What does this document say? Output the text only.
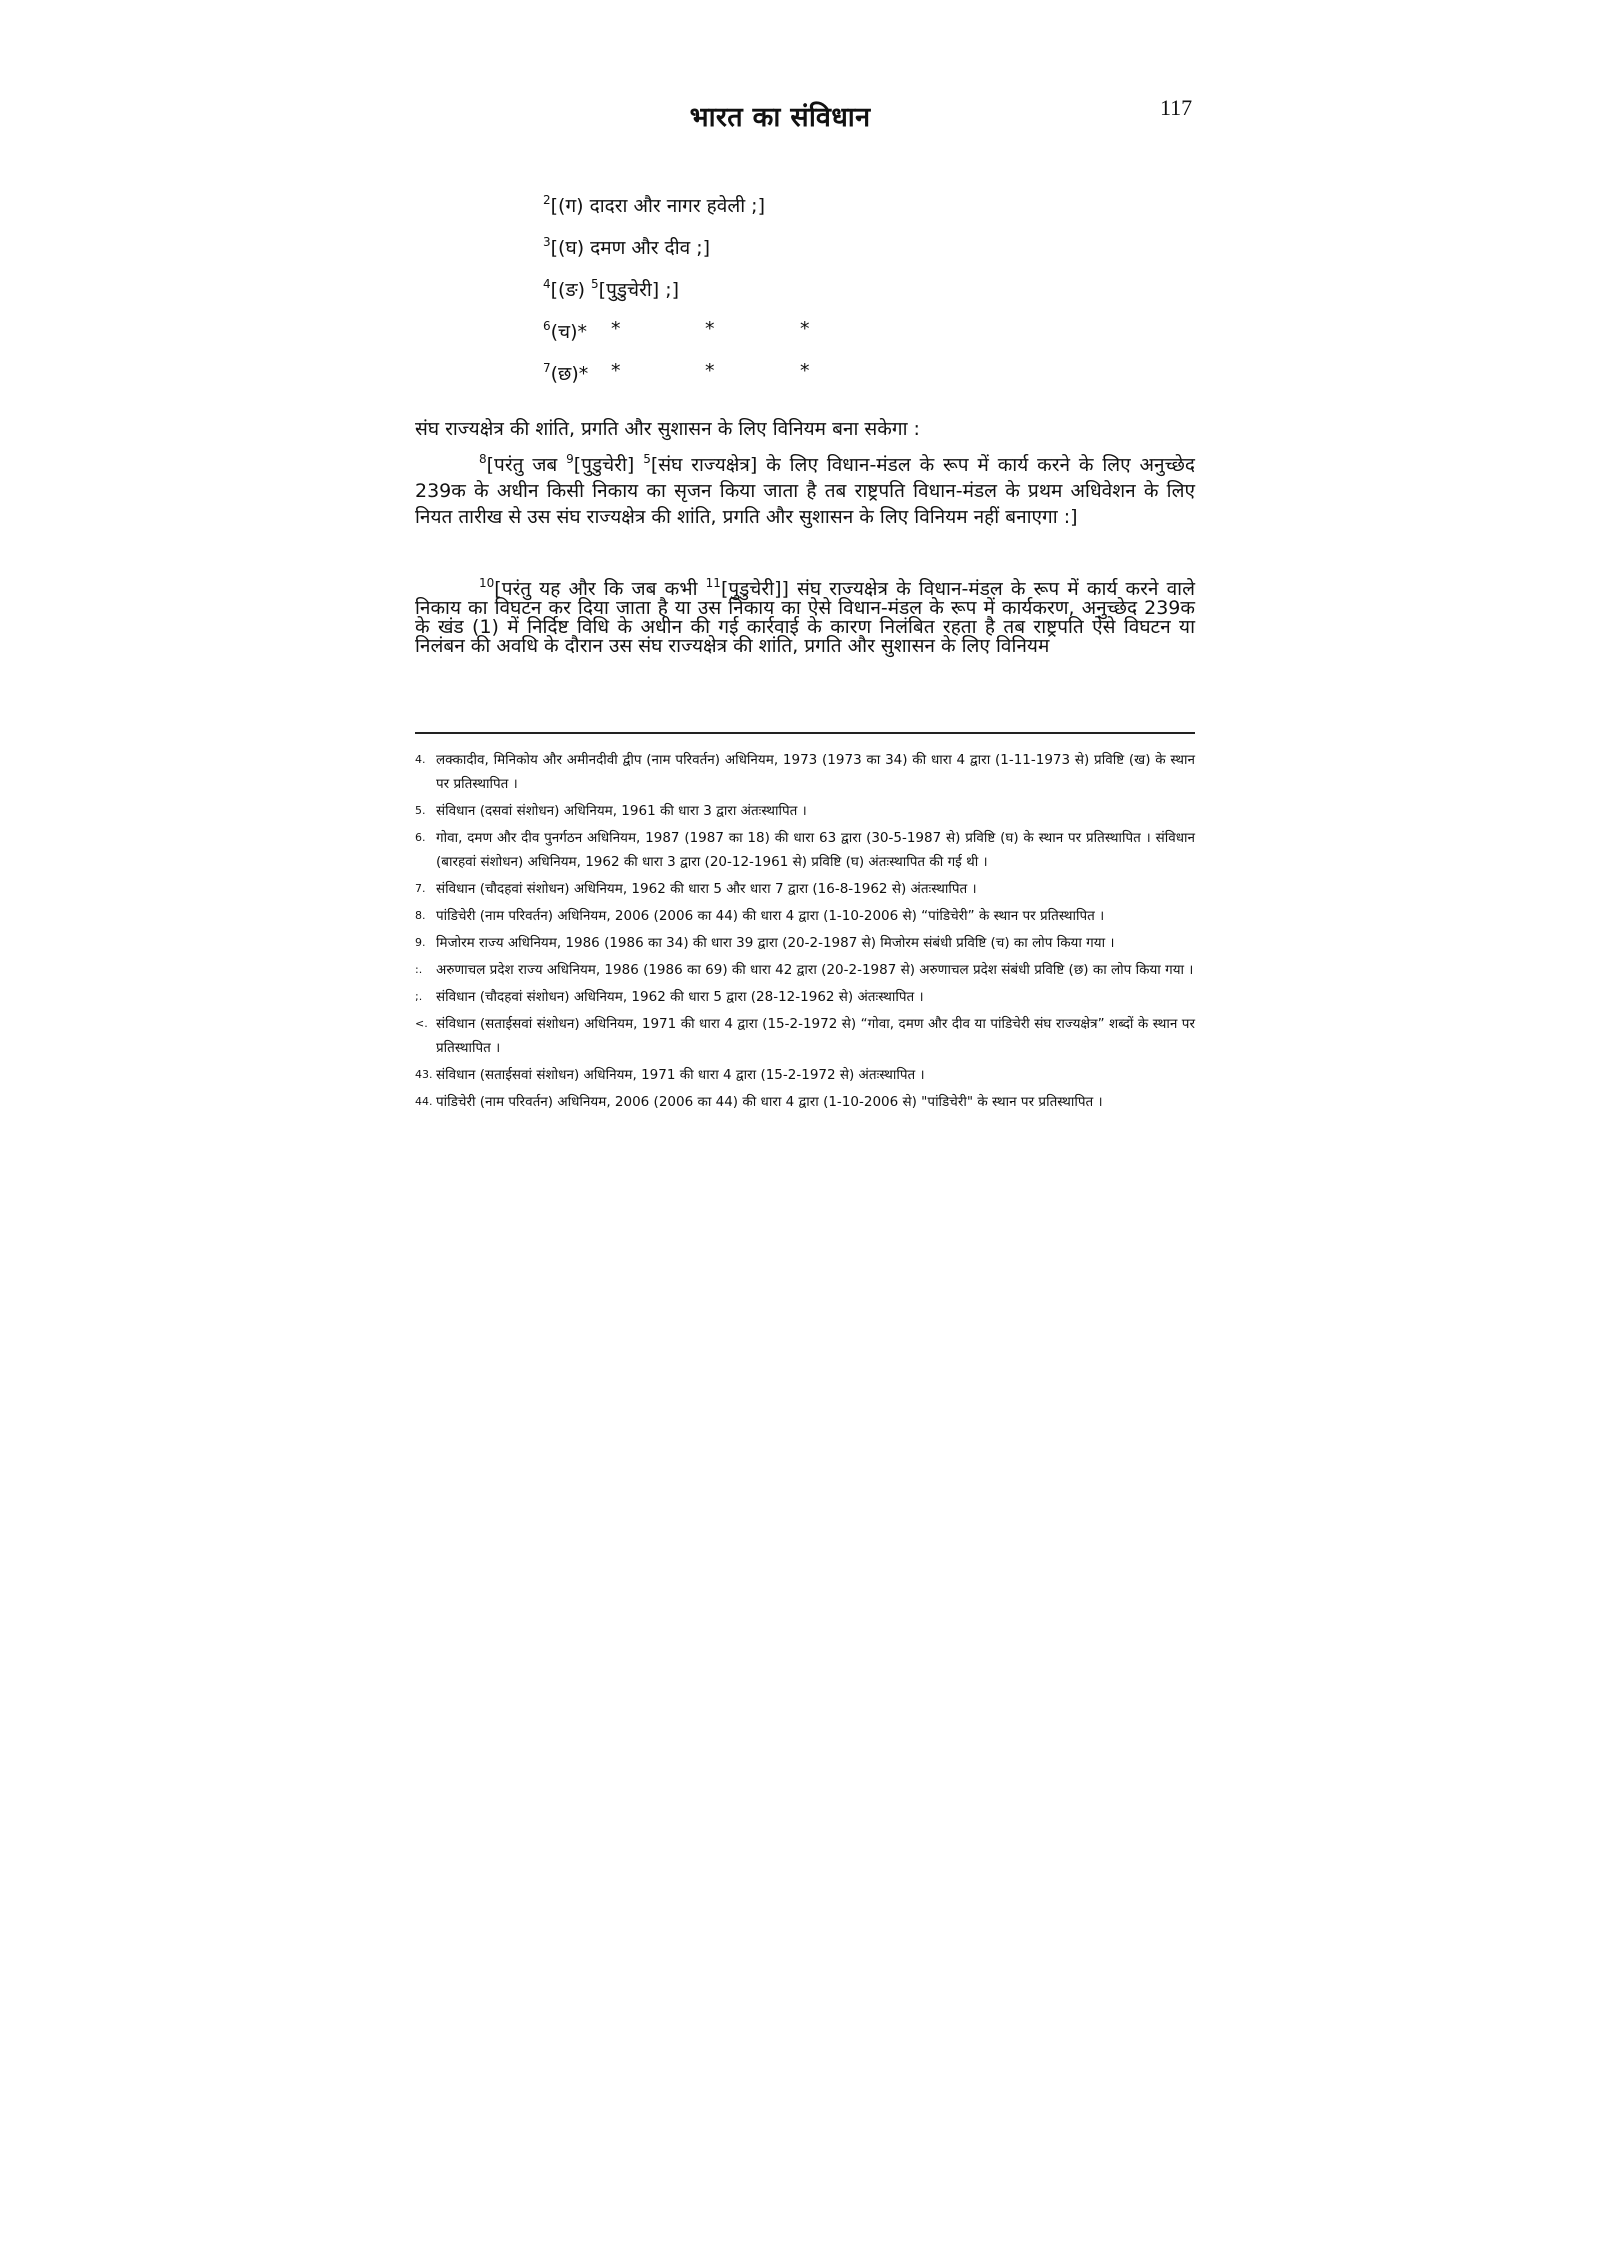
भारत का संविधान	117
$^2$[(ग) दादरा और नागर हवेली ;]
$^3$[(घ) दमण और दीव ;]
$^4$[(ङ) $^5$[पुडुचेरी] ;]
$^6$(च)* *	*	*
$^7$(छ)* *	*	*
संघ राज्यक्षेत्र की शांति, प्रगति और सुशासन के लिए विनियम बना सकेगा :
$^8$[परंतु जब $^9$[पुडुचेरी] $^5$[संघ राज्यक्षेत्र] के लिए विधान-मंडल के रूप में कार्य करने के लिए अनुच्छेद 239क के अधीन किसी निकाय का सृजन किया जाता है तब राष्ट्रपति विधान-मंडल के प्रथम अधिवेशन के लिए नियत तारीख से उस संघ राज्यक्षेत्र की शांति, प्रगति और सुशासन के लिए विनियम नहीं बनाएगा :]
$^{10}$[परंतु यह और कि जब कभी $^{11}$[पुडुचेरी]] संघ राज्यक्षेत्र के विधान-मंडल के रूप में कार्य करने वाले निकाय का विघटन कर दिया जाता है या उस निकाय का ऐसे विधान-मंडल के रूप में कार्यकरण, अनुच्छेद 239क के खंड (1) में निर्दिष्ट विधि के अधीन की गई कार्रवाई के कारण निलंबित रहता है तब राष्ट्रपति ऐसे विघटन या निलंबन की अवधि के दौरान उस संघ राज्यक्षेत्र की शांति, प्रगति और सुशासन के लिए विनियम
4. लक्कादीव, मिनिकोय और अमीनदीवी द्वीप (नाम परिवर्तन) अधिनियम, 1973 (1973 का 34) की धारा 4 द्वारा (1-11-1973 से) प्रविष्टि (ख) के स्थान पर प्रतिस्थापित ।
5. संविधान (दसवां संशोधन) अधिनियम, 1961 की धारा 3 द्वारा अंतःस्थापित ।
6. गोवा, दमण और दीव पुनर्गठन अधिनियम, 1987 (1987 का 18) की धारा 63 द्वारा (30-5-1987 से) प्रविष्टि (घ) के स्थान पर प्रतिस्थापित । संविधान (बारहवां संशोधन) अधिनियम, 1962 की धारा 3 द्वारा (20-12-1961 से) प्रविष्टि (घ) अंतःस्थापित की गई थी ।
7. संविधान (चौदहवां संशोधन) अधिनियम, 1962 की धारा 5 और धारा 7 द्वारा (16-8-1962 से) अंतःस्थापित ।
8. पांडिचेरी (नाम परिवर्तन) अधिनियम, 2006 (2006 का 44) की धारा 4 द्वारा (1-10-2006 से) “पांडिचेरी” के स्थान पर प्रतिस्थापित ।
9. मिजोरम राज्य अधिनियम, 1986 (1986 का 34) की धारा 39 द्वारा (20-2-1987 से) मिजोरम संबंधी प्रविष्टि (च) का लोप किया गया ।
:. अरुणाचल प्रदेश राज्य अधिनियम, 1986 (1986 का 69) की धारा 42 द्वारा (20-2-1987 से) अरुणाचल प्रदेश संबंधी प्रविष्टि (छ) का लोप किया गया ।
;. संविधान (चौदहवां संशोधन) अधिनियम, 1962 की धारा 5 द्वारा (28-12-1962 से) अंतःस्थापित ।
<. संविधान (सताईसवां संशोधन) अधिनियम, 1971 की धारा 4 द्वारा (15-2-1972 से) “गोवा, दमण और दीव या पांडिचेरी संघ राज्यक्षेत्र” शब्दों के स्थान पर प्रतिस्थापित ।
43. संविधान (सताईसवां संशोधन) अधिनियम, 1971 की धारा 4 द्वारा (15-2-1972 से) अंतःस्थापित ।
44. पांडिचेरी (नाम परिवर्तन) अधिनियम, 2006 (2006 का 44) की धारा 4 द्वारा (1-10-2006 से) "पांडिचेरी" के स्थान पर प्रतिस्थापित ।
